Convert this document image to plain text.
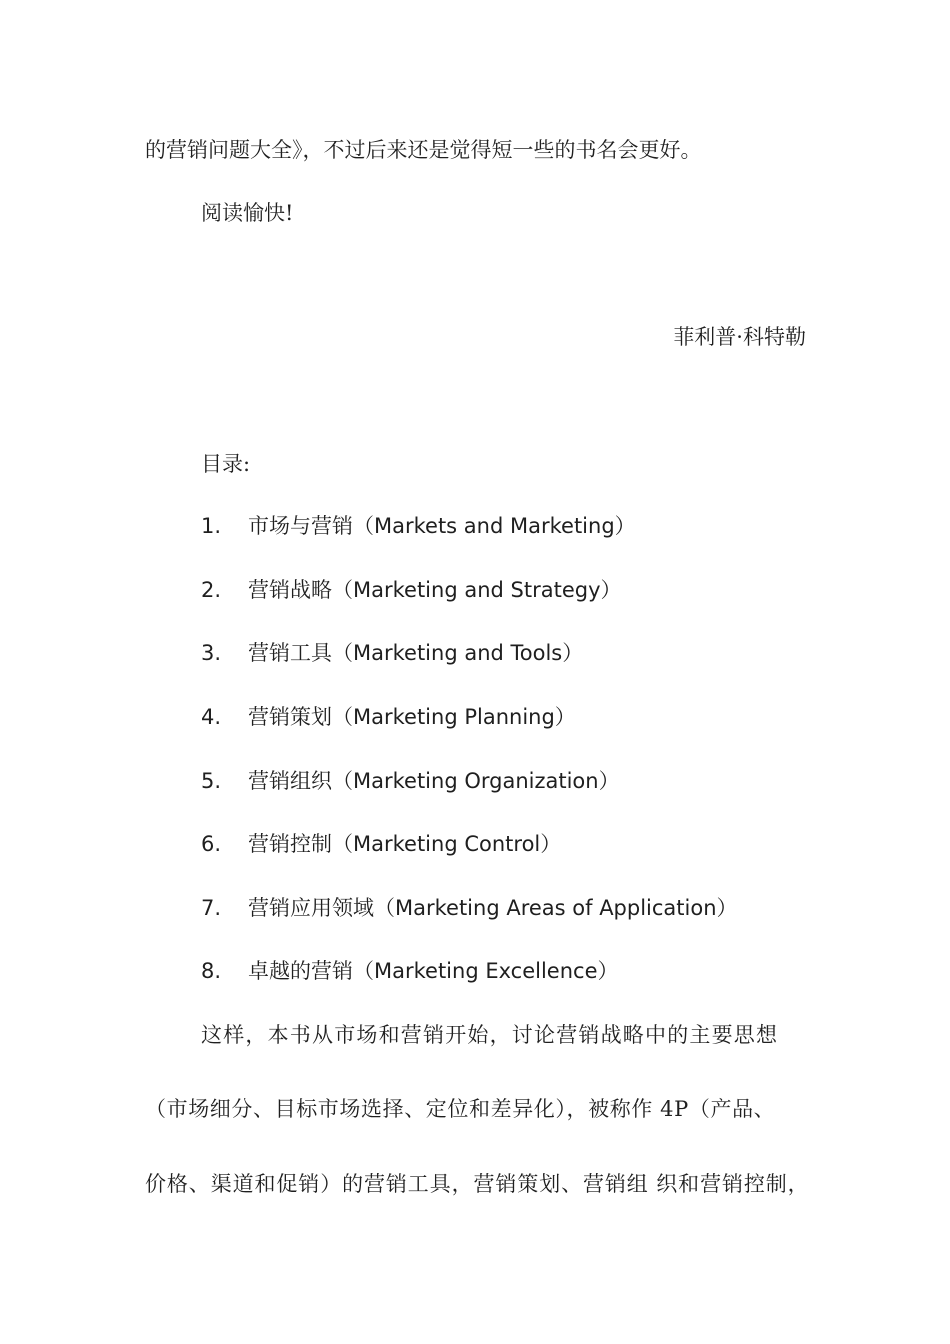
的营销问题大全》，不过后来还是觉得短一些的书名会更好。
阅读愉快!
菲利普·科特勒
目录:
1. 市场与营销（Markets and Marketing）
2. 营销战略（Marketing and Strategy）
3. 营销工具（Marketing and Tools）
4. 营销策划（Marketing Planning）
5. 营销组织（Marketing Organization）
6. 营销控制（Marketing Control）
7. 营销应用领域（Marketing Areas of Application）
8. 卓越的营销（Marketing Excellence）
这样，本书从市场和营销开始，讨论营销战略中的主要思想
（市场细分、目标市场选择、定位和差异化），被称作 4P（产品、
价格、渠道和促销）的营销工具，营销策划、营销组 织和营销控制，
